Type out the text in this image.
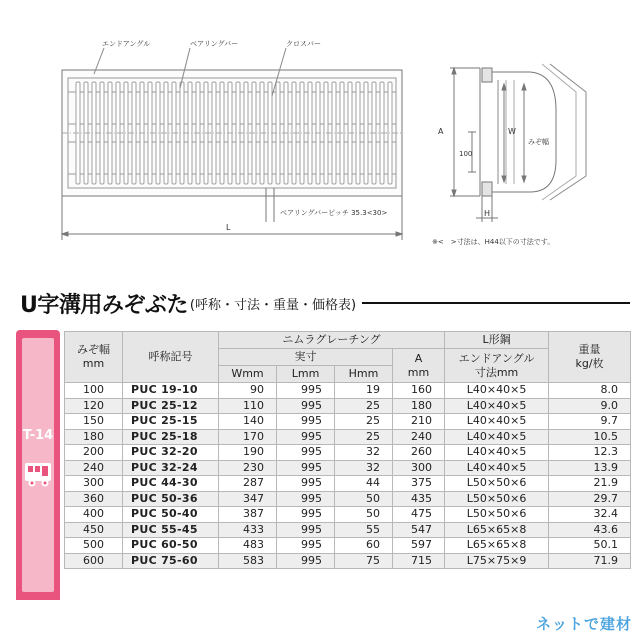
エンドアングル	ベアリングバー	クロスバー
ベアリングバーピッチ 35.3<30>
L
A	W
みぞ幅
100
H
※<　>寸法は、H44以下の寸法です。
U字溝用みぞぶた (呼称・寸法・重量・価格表)
T-14
みぞ幅
mm	呼称記号	ニムラグレーチング				L形鋼	重量
kg/枚
		実寸			A
mm	エンドアングル
寸法mm	
		Wmm	Lmm	Hmm			
100	PUC 19-10	90	995	19	160	L40×40×5	8.0
120	PUC 25-12	110	995	25	180	L40×40×5	9.0
150	PUC 25-15	140	995	25	210	L40×40×5	9.7
180	PUC 25-18	170	995	25	240	L40×40×5	10.5
200	PUC 32-20	190	995	32	260	L40×40×5	12.3
240	PUC 32-24	230	995	32	300	L40×40×5	13.9
300	PUC 44-30	287	995	44	375	L50×50×6	21.9
360	PUC 50-36	347	995	50	435	L50×50×6	29.7
400	PUC 50-40	387	995	50	475	L50×50×6	32.4
450	PUC 55-45	433	995	55	547	L65×65×8	43.6
500	PUC 60-50	483	995	60	597	L65×65×8	50.1
600	PUC 75-60	583	995	75	715	L75×75×9	71.9
ネットで建材
